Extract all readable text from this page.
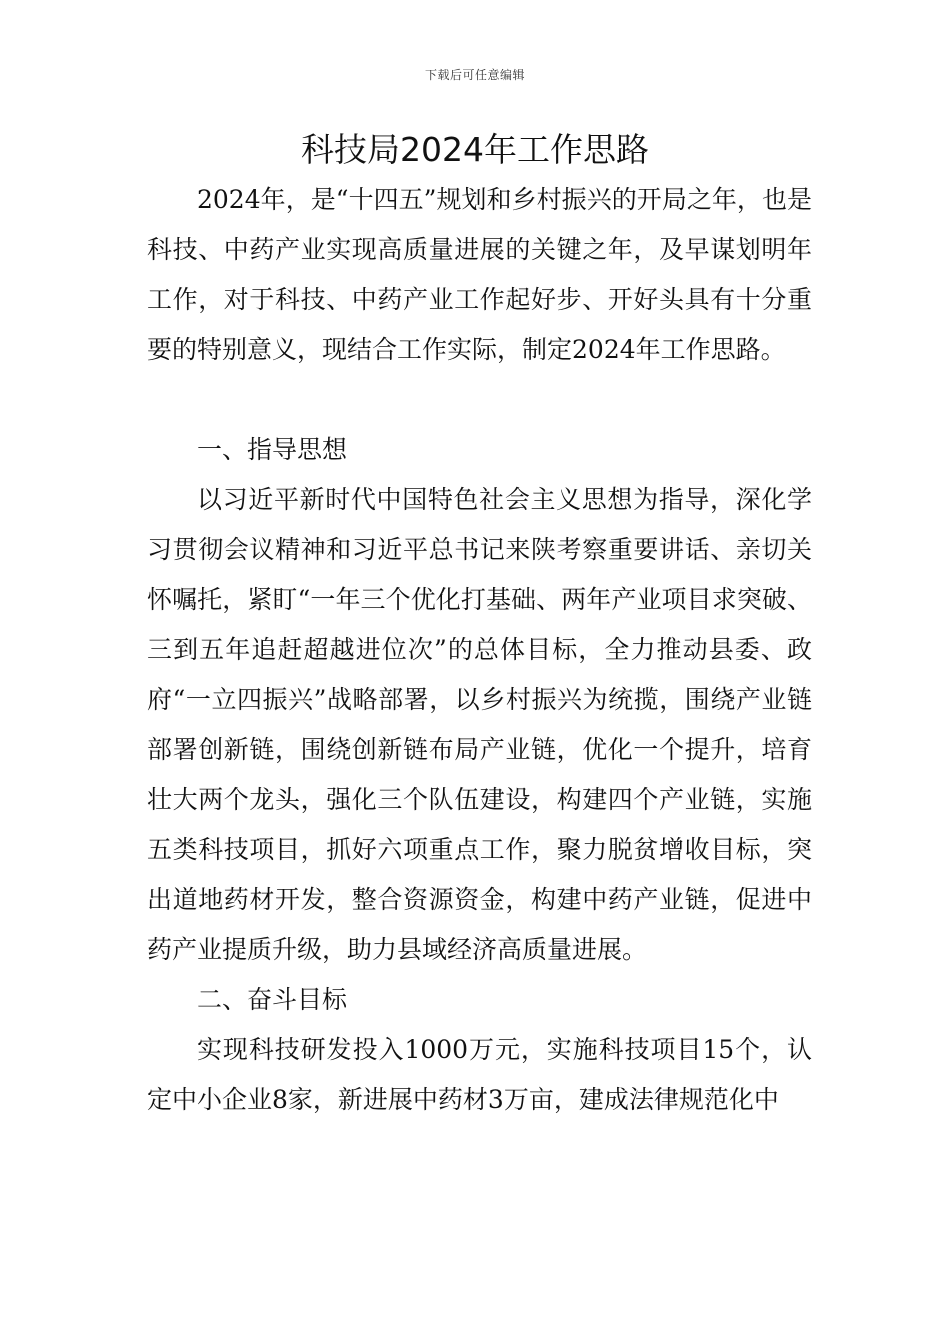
下载后可任意编辑
科技局2024年工作思路

2024年，是“十四五”规划和乡村振兴的开局之年，也是科技、中药产业实现高质量进展的关键之年，及早谋划明年工作，对于科技、中药产业工作起好步、开好头具有十分重要的特别意义，现结合工作实际，制定2024年工作思路。

一、指导思想

以习近平新时代中国特色社会主义思想为指导，深化学习贯彻会议精神和习近平总书记来陕考察重要讲话、亲切关怀嘱托，紧盯“一年三个优化打基础、两年产业项目求突破、三到五年追赶超越进位次”的总体目标，全力推动县委、政府“一立四振兴”战略部署，以乡村振兴为统揽，围绕产业链部署创新链，围绕创新链布局产业链，优化一个提升，培育壮大两个龙头，强化三个队伍建设，构建四个产业链，实施五类科技项目，抓好六项重点工作，聚力脱贫增收目标，突出道地药材开发，整合资源资金，构建中药产业链，促进中药产业提质升级，助力县域经济高质量进展。

二、奋斗目标

实现科技研发投入1000万元，实施科技项目15个，认定中小企业8家，新进展中药材3万亩，建成法律规范化中
